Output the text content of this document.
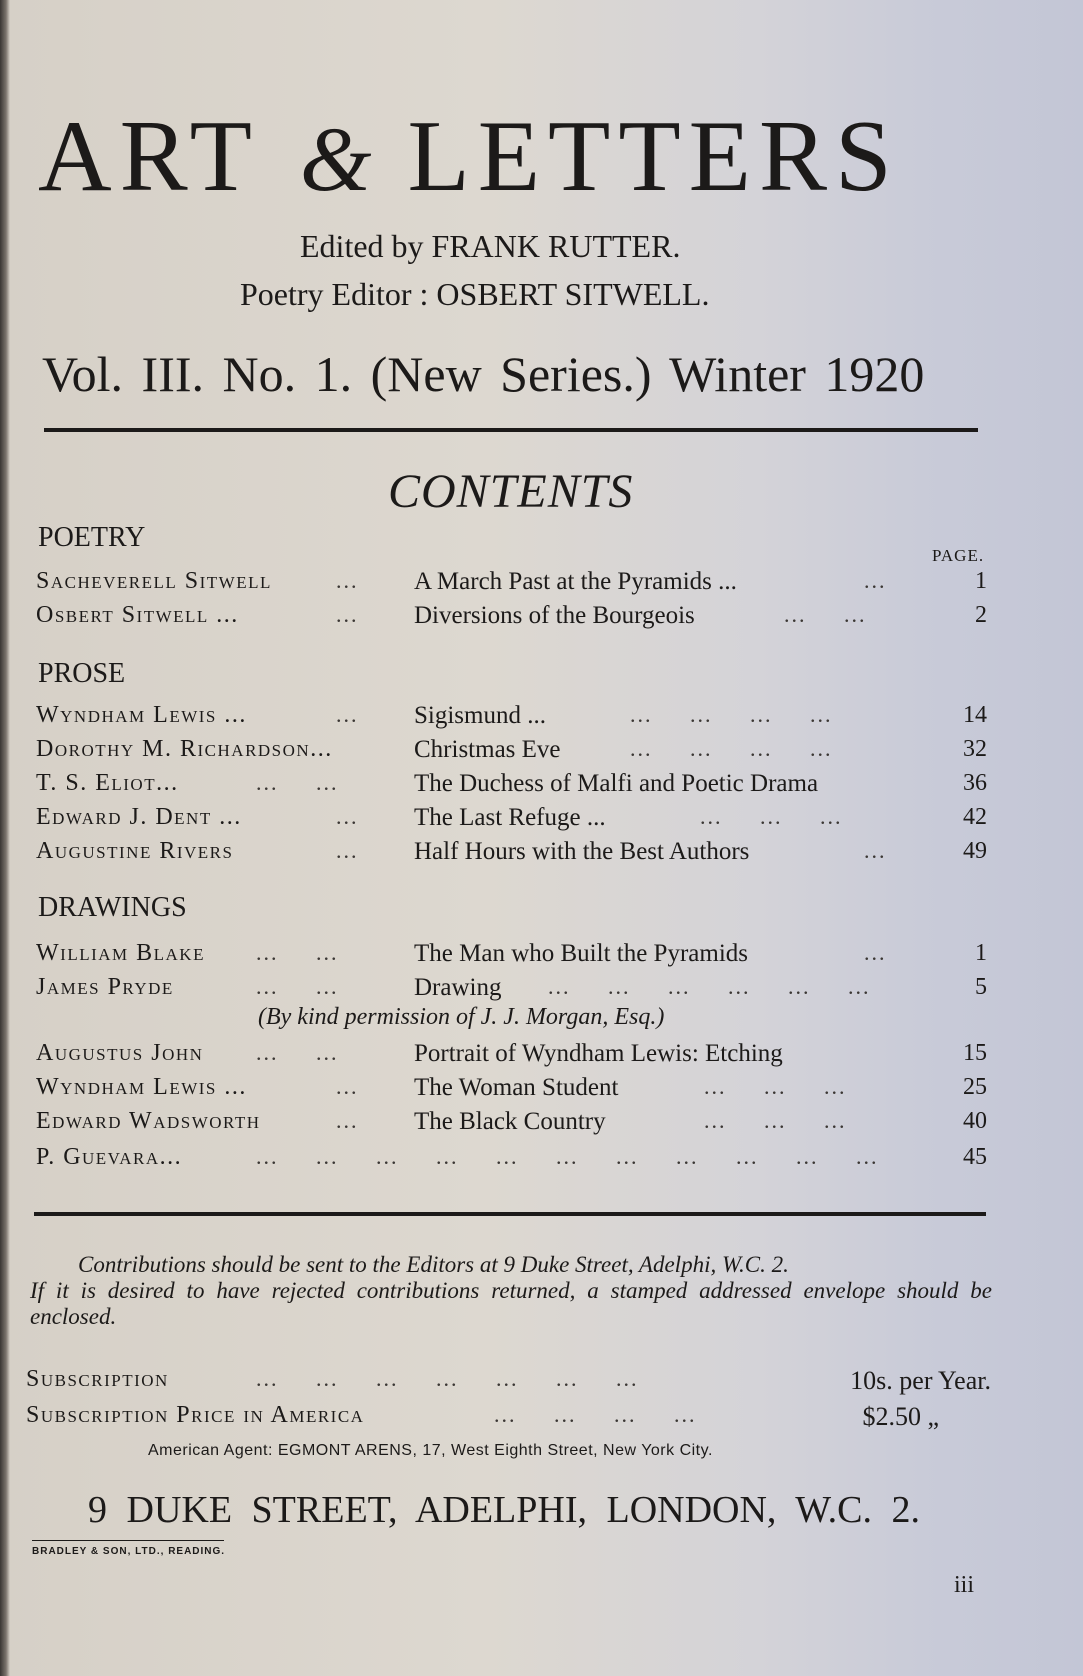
ART & LETTERS
Edited by FRANK RUTTER.
Poetry Editor : OSBERT SITWELL.
Vol. III. No. 1. (New Series.) Winter 1920
CONTENTS
PAGE.
POETRY
Sacheverell Sitwell	... A March Past at the Pyramids ...	...	1
Osbert Sitwell ...	... Diversions of the Bourgeois	...     ...	2
PROSE
Wyndham Lewis ...	... Sigismund ...	...     ...     ...     ...	14
Dorothy M. Richardson...	Christmas Eve	...     ...     ...     ...	32
T. S. Eliot...	...     ...	The Duchess of Malfi and Poetic Drama	36
Edward J. Dent ...	... The Last Refuge ...	...     ...     ...	42
Augustine Rivers	... Half Hours with the Best Authors	...	49
DRAWINGS
William Blake ...     ...	The Man who Built the Pyramids	...	1
James Pryde	...     ...	Drawing ...     ...     ...     ...     ...     ...	5
(By kind permission of J. J. Morgan, Esq.)
Augustus John ...     ...	Portrait of Wyndham Lewis: Etching	15
Wyndham Lewis ...	... The Woman Student	...     ...     ...	25
Edward Wadsworth	... The Black Country	...     ...     ...	40
P. Guevara...	...     ...     ...     ...     ...     ...     ...     ...     ...     ...     ...	45

Contributions should be sent to the Editors at 9 Duke Street, Adelphi, W.C. 2.

If it is desired to have rejected contributions returned, a stamped addressed envelope should be enclosed.

Subscription	...     ...     ...     ...     ...     ...     ...	10s. per Year.
Subscription Price in America	...     ...     ...     ...	$2.50 „
American Agent: EGMONT ARENS, 17, West Eighth Street, New York City.
9 DUKE STREET, ADELPHI, LONDON, W.C. 2.
BRADLEY & SON, LTD., READING.
iii
